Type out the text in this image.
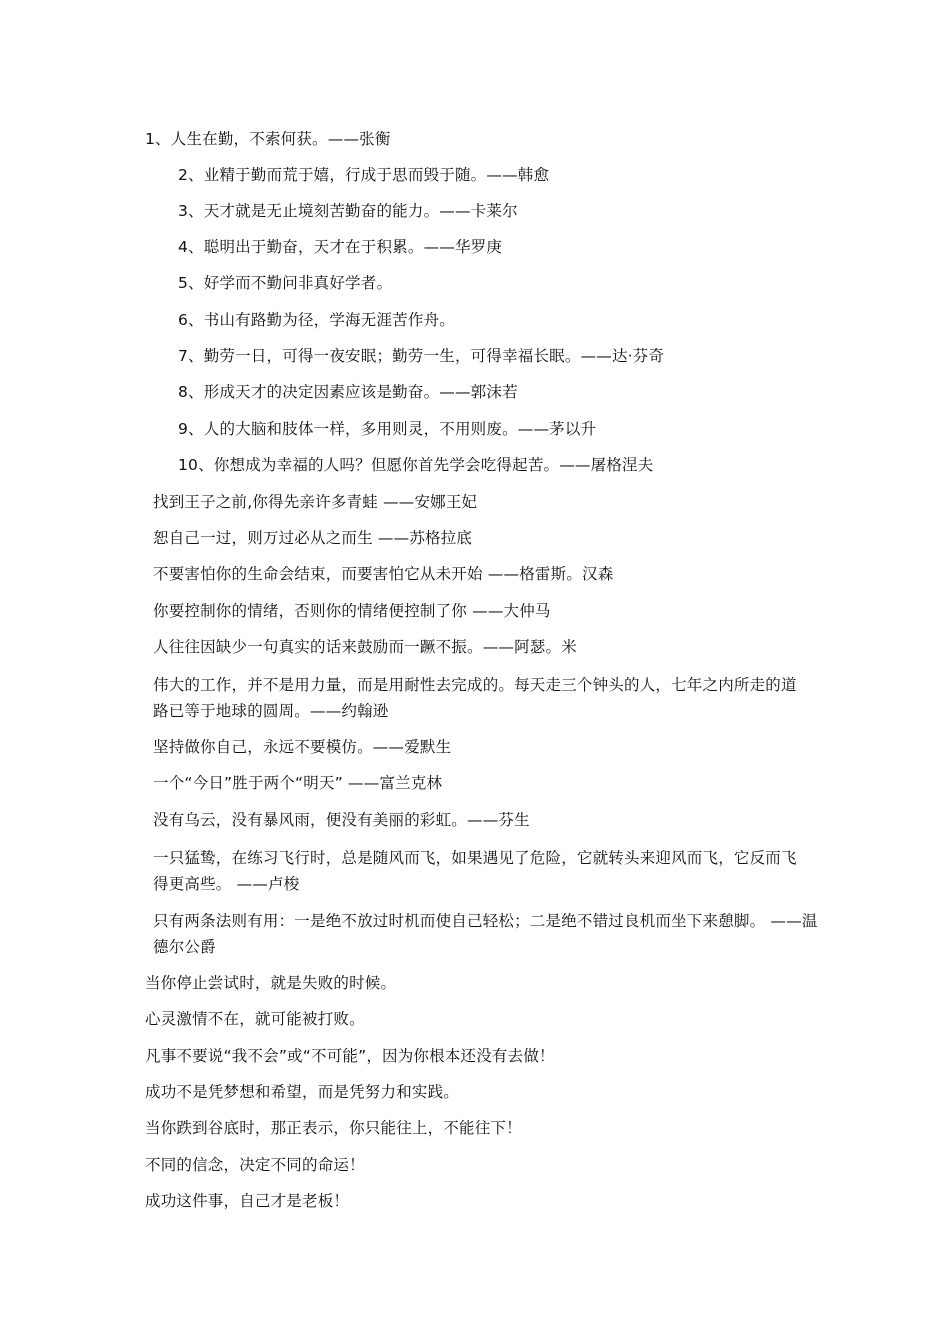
1、人生在勤，不索何获。——张衡
2、业精于勤而荒于嬉，行成于思而毁于随。——韩愈
3、天才就是无止境刻苦勤奋的能力。——卡莱尔
4、聪明出于勤奋，天才在于积累。——华罗庚
5、好学而不勤问非真好学者。
6、书山有路勤为径，学海无涯苦作舟。
7、勤劳一日，可得一夜安眠；勤劳一生，可得幸福长眠。——达·芬奇
8、形成天才的决定因素应该是勤奋。——郭沫若
9、人的大脑和肢体一样，多用则灵，不用则废。——茅以升
10、你想成为幸福的人吗？但愿你首先学会吃得起苦。——屠格涅夫
找到王子之前,你得先亲许多青蛙 ——安娜王妃
恕自己一过，则万过必从之而生 ——苏格拉底
不要害怕你的生命会结束，而要害怕它从未开始 ——格雷斯。汉森
你要控制你的情绪，否则你的情绪便控制了你 ——大仲马
人往往因缺少一句真实的话来鼓励而一蹶不振。——阿瑟。米
伟大的工作，并不是用力量，而是用耐性去完成的。每天走三个钟头的人，七年之内所走的道路已等于地球的圆周。——约翰逊
坚持做你自己，永远不要模仿。——爱默生
一个“今日”胜于两个“明天” ——富兰克林
没有乌云，没有暴风雨，便没有美丽的彩虹。——芬生
一只猛鸷，在练习飞行时，总是随风而飞，如果遇见了危险，它就转头来迎风而飞，它反而飞得更高些。 ——卢梭
只有两条法则有用：一是绝不放过时机而使自己轻松；二是绝不错过良机而坐下来憩脚。 ——温德尔公爵
当你停止尝试时，就是失败的时候。
心灵激情不在，就可能被打败。
凡事不要说“我不会”或“不可能”，因为你根本还没有去做！
成功不是凭梦想和希望，而是凭努力和实践。
当你跌到谷底时，那正表示，你只能往上，不能往下！
不同的信念，决定不同的命运！
成功这件事，自己才是老板！
